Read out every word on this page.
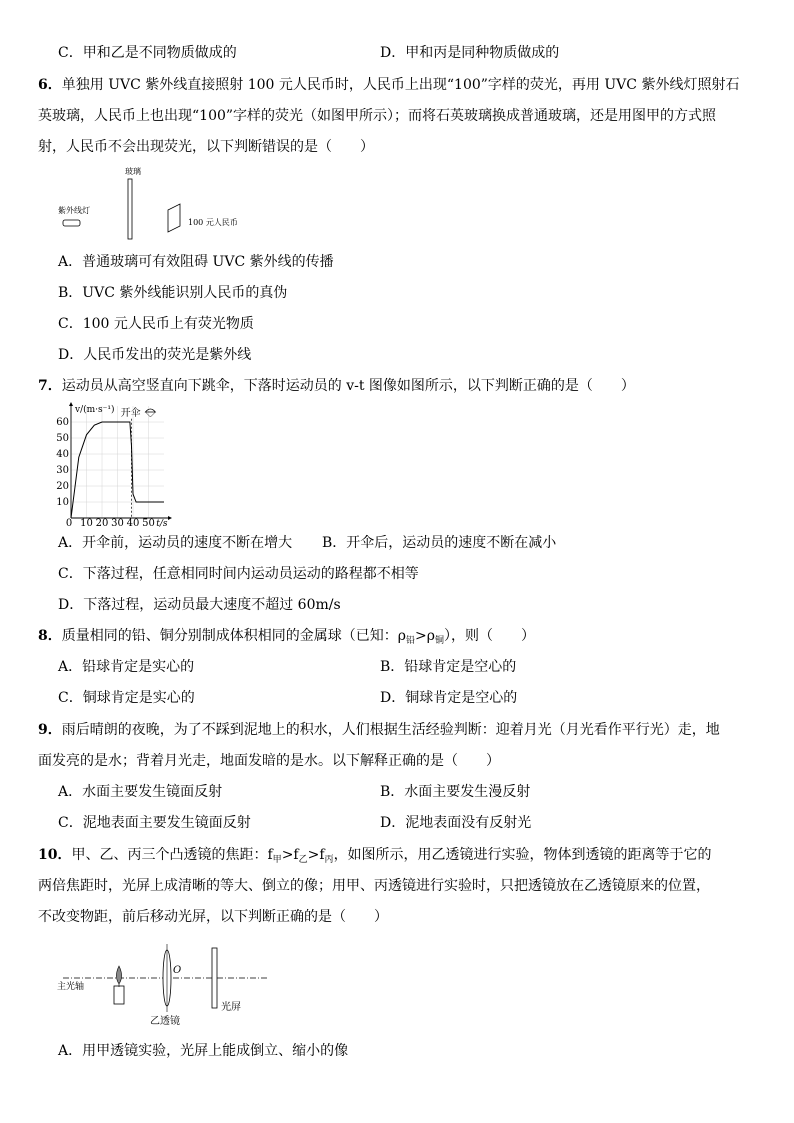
C．甲和乙是不同物质做成的	D．甲和丙是同种物质做成的
6．单独用 UVC 紫外线直接照射 100 元人民币时，人民币上出现“100”字样的荧光，再用 UVC 紫外线灯照射石
英玻璃，人民币上也出现“100”字样的荧光（如图甲所示）；而将石英玻璃换成普通玻璃，还是用图甲的方式照
射，人民币不会出现荧光，以下判断错误的是（　　）
玻璃
紫外线灯
100 元人民币
A．普通玻璃可有效阻碍 UVC 紫外线的传播
B．UVC 紫外线能识别人民币的真伪
C．100 元人民币上有荧光物质
D．人民币发出的荧光是紫外线
7．运动员从高空竖直向下跳伞，下落时运动员的 v-t 图像如图所示，以下判断正确的是（　　）
10
20
30
40
50
60
0 10 20 30 40 50
v/(m·s⁻¹)
t/s
开伞
A．开伞前，运动员的速度不断在增大 B．开伞后，运动员的速度不断在减小
C．下落过程，任意相同时间内运动员运动的路程都不相等
D．下落过程，运动员最大速度不超过 60m/s
8．质量相同的铅、铜分别制成体积相同的金属球（已知：$\rho_铅>\rho_铜$），则（　　）
A．铅球肯定是实心的	B．铅球肯定是空心的
C．铜球肯定是实心的	D．铜球肯定是空心的
9．雨后晴朗的夜晚，为了不踩到泥地上的积水，人们根据生活经验判断：迎着月光（月光看作平行光）走，地
面发亮的是水；背着月光走，地面发暗的是水。以下解释正确的是（　　）
A．水面主要发生镜面反射	B．水面主要发生漫反射
C．泥地表面主要发生镜面反射	D．泥地表面没有反射光
10．甲、乙、丙三个凸透镜的焦距：$f_甲>f_乙>f_丙$，如图所示，用乙透镜进行实验，物体到透镜的距离等于它的
两倍焦距时，光屏上成清晰的等大、倒立的像；用甲、丙透镜进行实验时，只把透镜放在乙透镜原来的位置，
不改变物距，前后移动光屏，以下判断正确的是（　　）
主光轴
O
乙透镜
光屏
A．用甲透镜实验，光屏上能成倒立、缩小的像
